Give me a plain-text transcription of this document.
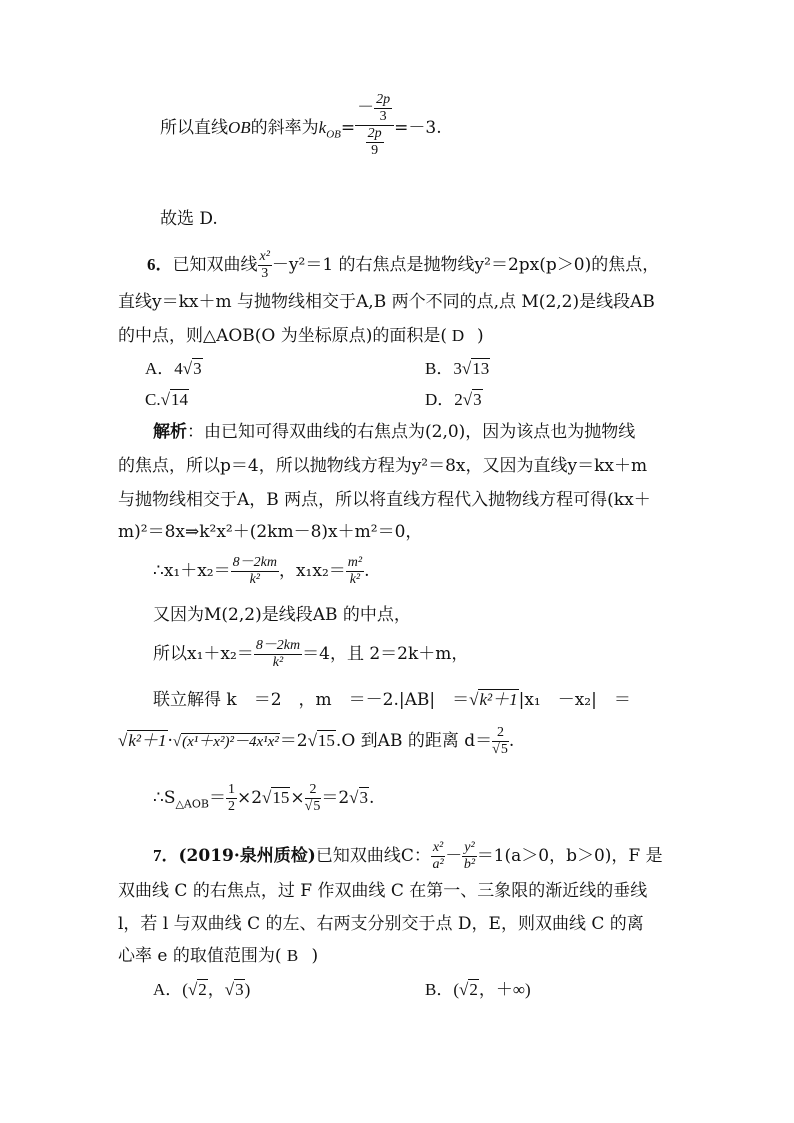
所以直线OB的斜率为$k_{OB}= \frac{- \frac{2p}{3}}{\frac{2p}{9}} =-3$.
故选 D.
6．已知双曲线 $\frac{\text{x²}}{3} -y^2=1$ 的右焦点是抛物线y²＝2px(p＞0)的焦点，
直线y＝kx＋m 与抛物线相交于A,B 两个不同的点,点 M(2,2)是线段AB
的中点，则△AOB(O 为坐标原点)的面积是( D )
A．4√3	B．3√13
C.√14	D．2√3
解析：由已知可得双曲线的右焦点为(2,0)，因为该点也为抛物线
的焦点，所以p＝4，所以抛物线方程为y²＝8x，又因为直线y＝kx＋m
与抛物线相交于A，B 两点，所以将直线方程代入抛物线方程可得(kx＋
m)²＝8x⇒k²x²＋(2km－8)x＋m²＝0，
∴x₁＋x₂＝ $\frac{8-2km}{\text{k²}}$ ，$x_1x_2= \frac{\text{m²}}{\text{k²}}$ .
又因为M(2,2)是线段AB 的中点，
所以$x_1+x_2= \frac{8-2km}{\text{k²}} =4$，且 2＝2k＋m，
联立解得 k　＝2　，m　＝－2.|AB|　＝√k²＋1|x₁　－x₂|　＝
√k²＋1·√(x¹＋x²)²－4x¹x²＝2√15.O 到AB 的距离 $d= \frac{2}{√5}$ .
$\therefore S_{\triangle AOB}= \frac{1}{2} \times 2√15\times \frac{2}{√5} =2√3$.
7．(2019·泉州质检)已知双曲线C： $\frac{\text{x²}}{\text{a²}} - \frac{\text{y²}}{\text{b²}} =1(a>0$，b＞0)，F 是
双曲线 C 的右焦点，过 F 作双曲线 C 在第一、三象限的渐近线的垂线
l，若 l 与双曲线 C 的左、右两支分别交于点 D，E，则双曲线 C 的离
心率 e 的取值范围为( B )
A．(√2，√3)	B．(√2，＋∞)
